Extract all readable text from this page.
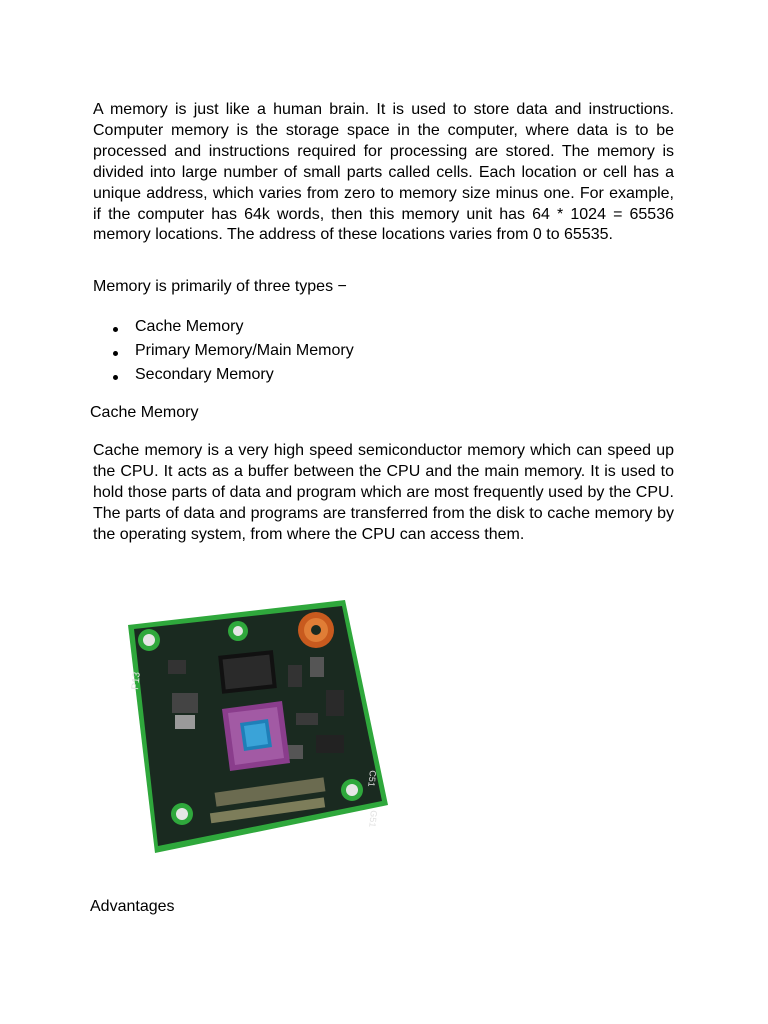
A memory is just like a human brain. It is used to store data and instructions. Computer memory is the storage space in the computer, where data is to be processed and instructions required for processing are stored. The memory is divided into large number of small parts called cells. Each location or cell has a unique address, which varies from zero to memory size minus one. For example, if the computer has 64k words, then this memory unit has 64 * 1024 = 65536 memory locations. The address of these locations varies from 0 to 65535.

Memory is primarily of three types −

Cache Memory
Primary Memory/Main Memory
Secondary Memory
Cache Memory

Cache memory is a very high speed semiconductor memory which can speed up the CPU. It acts as a buffer between the CPU and the main memory. It is used to hold those parts of data and program which are most frequently used by the CPU. The parts of data and programs are transferred from the disk to cache memory by the operating system, from where the CPU can access them.

P13
C51
G51
Advantages
